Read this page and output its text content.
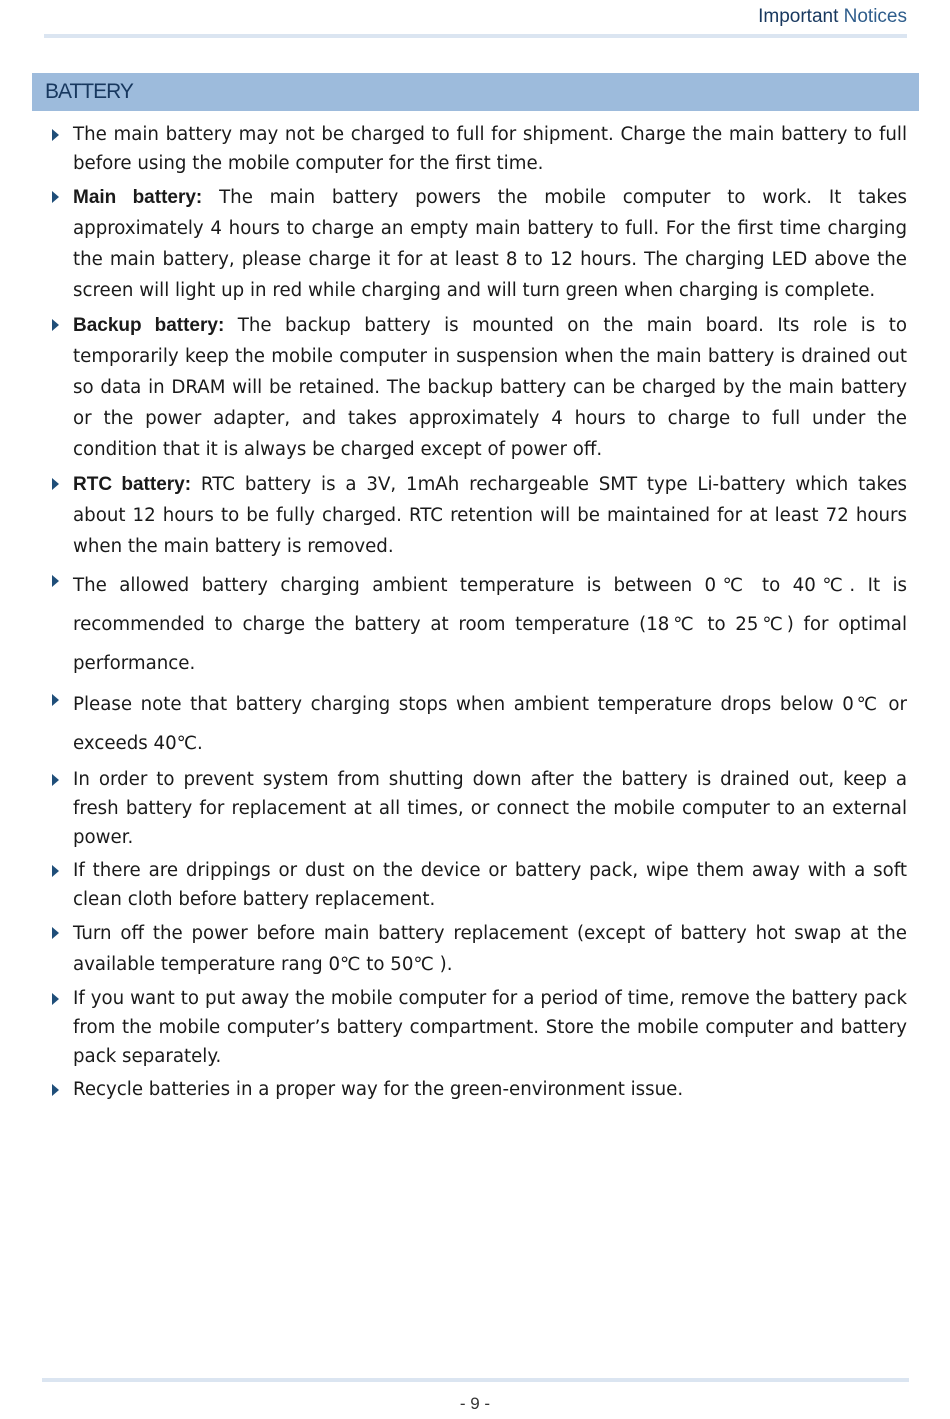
Important Notices
BATTERY
The main battery may not be charged to full for shipment. Charge the main battery to full before using the mobile computer for the first time.
Main battery: The main battery powers the mobile computer to work. It takes approximately 4 hours to charge an empty main battery to full. For the first time charging the main battery, please charge it for at least 8 to 12 hours. The charging LED above the screen will light up in red while charging and will turn green when charging is complete.
Backup battery: The backup battery is mounted on the main board. Its role is to temporarily keep the mobile computer in suspension when the main battery is drained out so data in DRAM will be retained. The backup battery can be charged by the main battery or the power adapter, and takes approximately 4 hours to charge to full under the condition that it is always be charged except of power off.
RTC battery: RTC battery is a 3V, 1mAh rechargeable SMT type Li-battery which takes about 12 hours to be fully charged. RTC retention will be maintained for at least 72 hours when the main battery is removed.
The allowed battery charging ambient temperature is between 0℃ to 40℃. It is recommended to charge the battery at room temperature (18℃ to 25℃) for optimal performance.
Please note that battery charging stops when ambient temperature drops below 0℃ or exceeds 40℃.
In order to prevent system from shutting down after the battery is drained out, keep a fresh battery for replacement at all times, or connect the mobile computer to an external power.
If there are drippings or dust on the device or battery pack, wipe them away with a soft clean cloth before battery replacement.
Turn off the power before main battery replacement (except of battery hot swap at the available temperature rang 0℃ to 50℃ ).
If you want to put away the mobile computer for a period of time, remove the battery pack from the mobile computer’s battery compartment. Store the mobile computer and battery pack separately.
Recycle batteries in a proper way for the green-environment issue.
- 9 -
